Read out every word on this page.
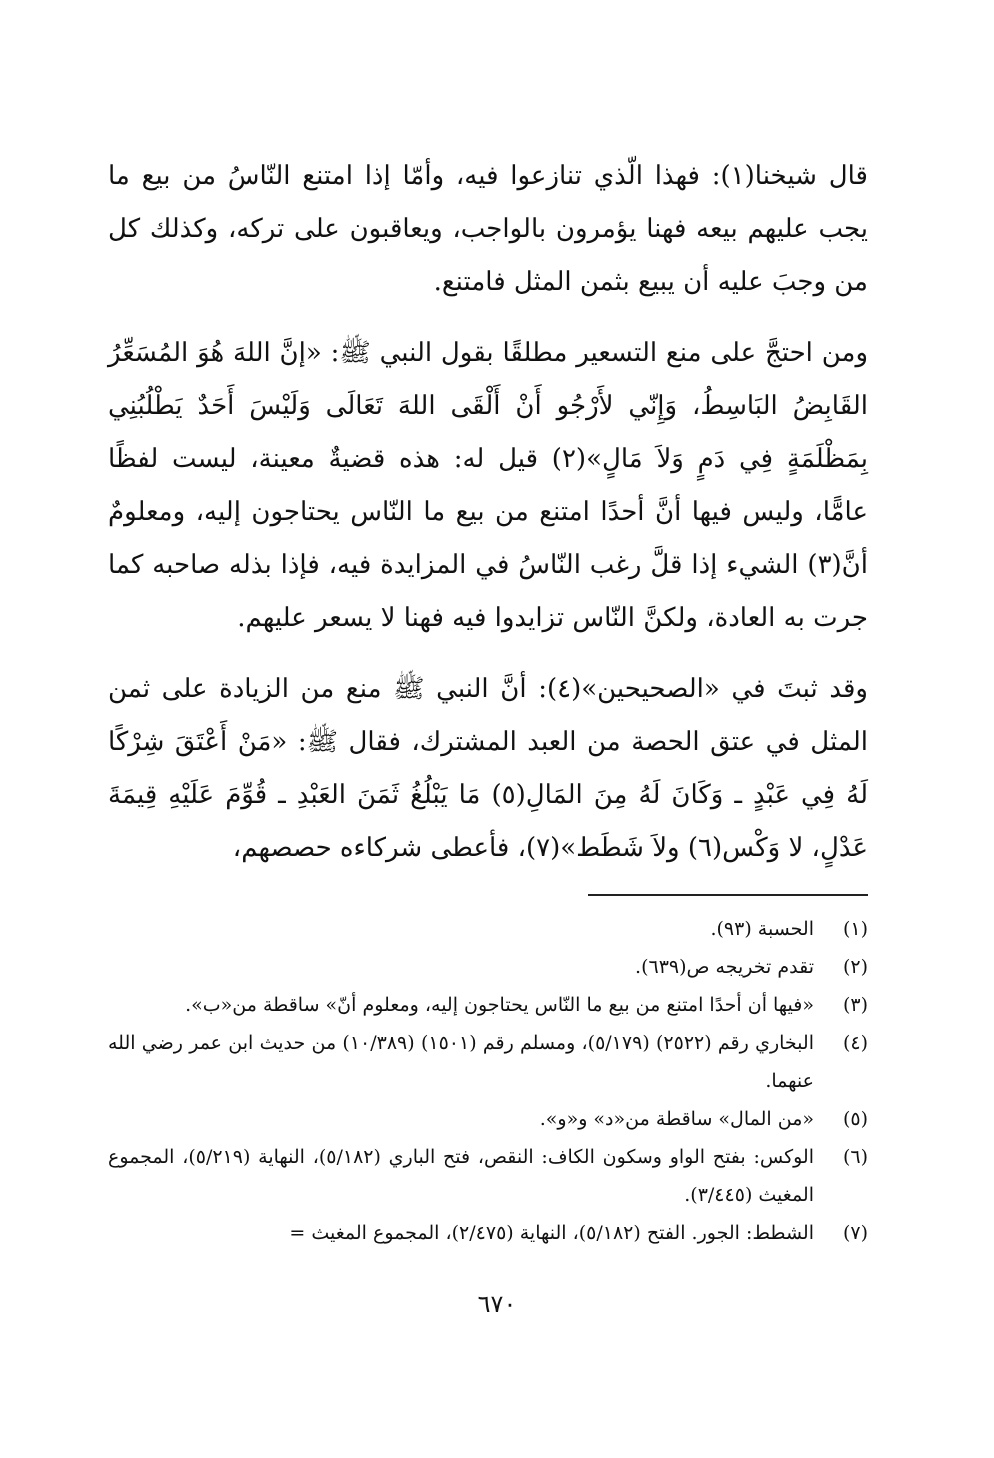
قال شيخنا(١): فهذا الّذي تنازعوا فيه، وأمّا إذا امتنع النّاسُ من بيع ما يجب عليهم بيعه فهنا يؤمرون بالواجب، ويعاقبون على تركه، وكذلك كل من وجبَ عليه أن يبيع بثمن المثل فامتنع.

ومن احتجَّ على منع التسعير مطلقًا بقول النبي ﷺ: «إنَّ اللهَ هُوَ المُسَعِّرُ القَابِضُ البَاسِطُ، وَإِنّي لأَرْجُو أَنْ أَلْقَى اللهَ تَعَالَى وَلَيْسَ أَحَدٌ يَطْلُبُنِي بِمَظْلَمَةٍ فِي دَمٍ وَلاَ مَالٍ»(٢) قيل له: هذه قضيةٌ معينة، ليست لفظًا عامًّا، وليس فيها أنَّ أحدًا امتنع من بيع ما النّاس يحتاجون إليه، ومعلومٌ أنَّ(٣) الشيء إذا قلَّ رغب النّاسُ في المزايدة فيه، فإذا بذله صاحبه كما جرت به العادة، ولكنَّ النّاس تزايدوا فيه فهنا لا يسعر عليهم.

وقد ثبتَ في «الصحيحين»(٤): أنَّ النبي ﷺ منع من الزيادة على ثمن المثل في عتق الحصة من العبد المشترك، فقال ﷺ: «مَنْ أَعْتَقَ شِرْكًا لَهُ فِي عَبْدٍ ـ وَكَانَ لَهُ مِنَ المَالِ(٥) مَا يَبْلُغُ ثَمَنَ العَبْدِ ـ قُوِّمَ عَلَيْهِ قِيمَةَ عَدْلٍ، لا وَكْس(٦) ولاَ شَطَط»(٧)، فأعطى شركاءه حصصهم،

(١)
الحسبة (٩٣).
(٢)
تقدم تخريجه ص(٦٣٩).
(٣)
«فيها أن أحدًا امتنع من بيع ما النّاس يحتاجون إليه، ومعلوم أنّ» ساقطة من«ب».
(٤)
البخاري رقم (٢٥٢٢) (٥/١٧٩)، ومسلم رقم (١٥٠١) (١٠/٣٨٩) من حديث ابن عمر رضي الله عنهما.
(٥)
«من المال» ساقطة من«د» و«و».
(٦)
الوكس: بفتح الواو وسكون الكاف: النقص، فتح الباري (٥/١٨٢)، النهاية (٥/٢١٩)، المجموع المغيث (٣/٤٤٥).
(٧)
الشطط: الجور. الفتح (٥/١٨٢)، النهاية (٢/٤٧٥)، المجموع المغيث =
٦٧٠
